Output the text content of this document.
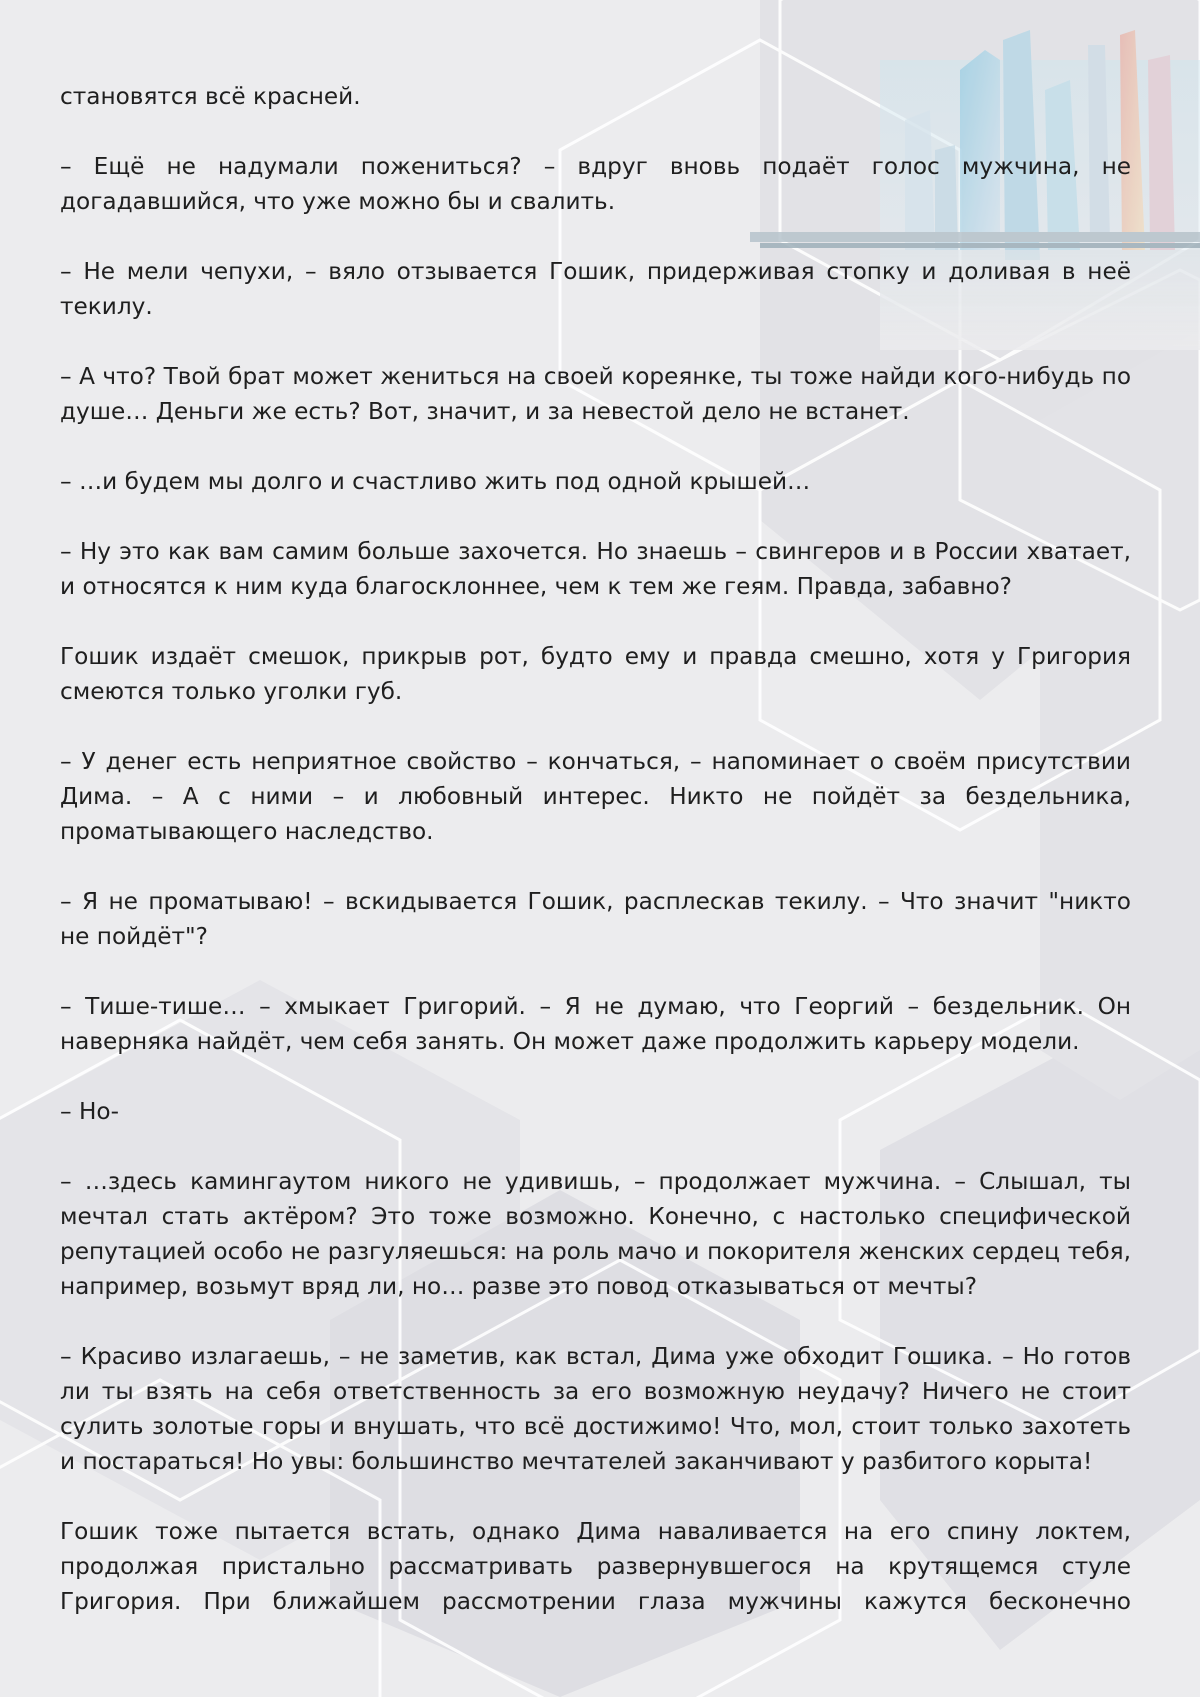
становятся всё красней.

– Ещё не надумали пожениться? – вдруг вновь подаёт голос мужчина, не догадавшийся, что уже можно бы и свалить.

– Не мели чепухи, – вяло отзывается Гошик, придерживая стопку и доливая в неё текилу.

– А что? Твой брат может жениться на своей кореянке, ты тоже найди кого-нибудь по душе… Деньги же есть? Вот, значит, и за невестой дело не встанет.

– …и будем мы долго и счастливо жить под одной крышей…

– Ну это как вам самим больше захочется. Но знаешь – свингеров и в России хватает, и относятся к ним куда благосклоннее, чем к тем же геям. Правда, забавно?

Гошик издаёт смешок, прикрыв рот, будто ему и правда смешно, хотя у Григория смеются только уголки губ.

– У денег есть неприятное свойство – кончаться, – напоминает о своём присутствии Дима. – А с ними – и любовный интерес. Никто не пойдёт за бездельника, проматывающего наследство.

– Я не проматываю! – вскидывается Гошик, расплескав текилу. – Что значит "никто не пойдёт"?

– Тише-тише… – хмыкает Григорий. – Я не думаю, что Георгий – бездельник. Он наверняка найдёт, чем себя занять. Он может даже продолжить карьеру модели.

– Но-

– …здесь камингаутом никого не удивишь, – продолжает мужчина. – Слышал, ты мечтал стать актёром? Это тоже возможно. Конечно, с настолько специфической репутацией особо не разгуляешься: на роль мачо и покорителя женских сердец тебя, например, возьмут вряд ли, но… разве это повод отказываться от мечты?

– Красиво излагаешь, – не заметив, как встал, Дима уже обходит Гошика. – Но готов ли ты взять на себя ответственность за его возможную неудачу? Ничего не стоит сулить золотые горы и внушать, что всё достижимо! Что, мол, стоит только захотеть и постараться! Но увы: большинство мечтателей заканчивают у разбитого корыта!

Гошик тоже пытается встать, однако Дима наваливается на его спину локтем, продолжая пристально рассматривать развернувшегося на крутящемся стуле Григория. При ближайшем рассмотрении глаза мужчины кажутся бесконечно
